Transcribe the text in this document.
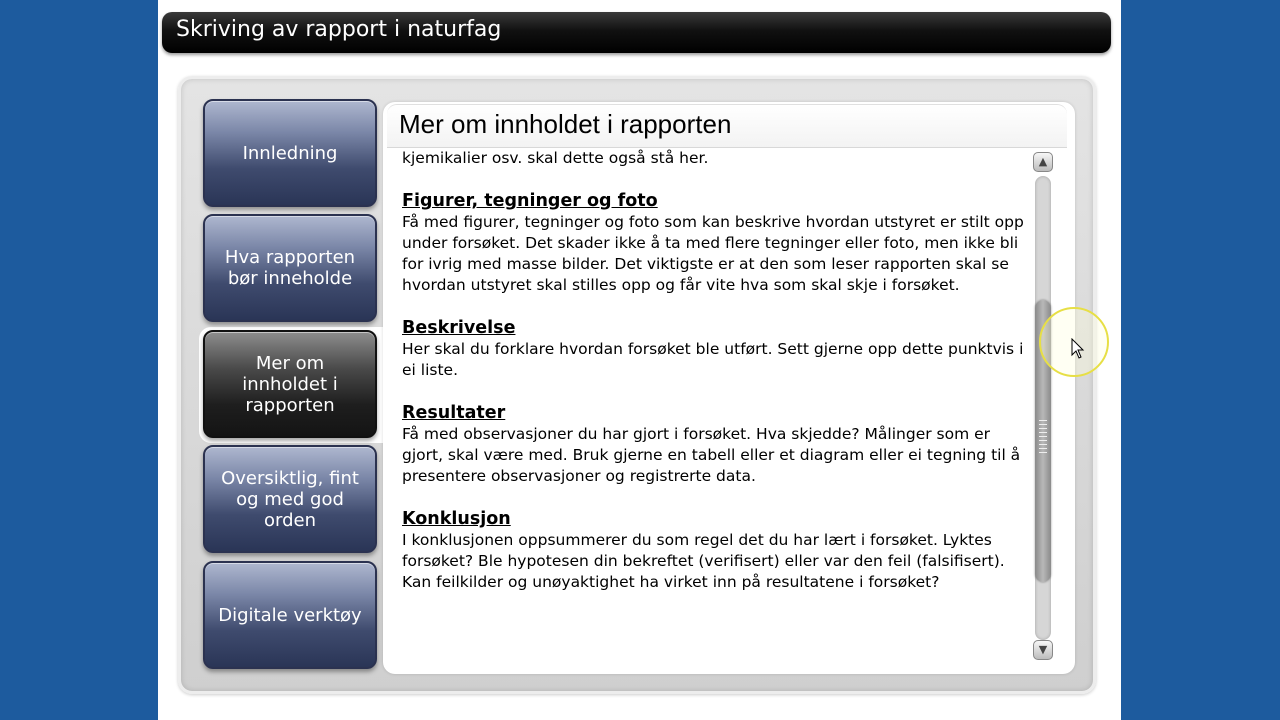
Skriving av rapport i naturfag
Innledning
Hva rapporten bør inneholde
Mer om innholdet i rapporten
Oversiktlig, fint og med god orden
Digitale verktøy
Mer om innholdet i rapporten

kjemikalier osv. skal dette også stå her.

Figurer, tegninger og foto

Få med figurer, tegninger og foto som kan beskrive hvordan utstyret er stilt opp under forsøket. Det skader ikke å ta med flere tegninger eller foto, men ikke bli for ivrig med masse bilder. Det viktigste er at den som leser rapporten skal se hvordan utstyret skal stilles opp og får vite hva som skal skje i forsøket.

Beskrivelse

Her skal du forklare hvordan forsøket ble utført. Sett gjerne opp dette punktvis i ei liste.

Resultater

Få med observasjoner du har gjort i forsøket. Hva skjedde? Målinger som er gjort, skal være med. Bruk gjerne en tabell eller et diagram eller ei tegning til å presentere observasjoner og registrerte data.

Konklusjon

I konklusjonen oppsummerer du som regel det du har lært i forsøket. Lyktes forsøket? Ble hypotesen din bekreftet (verifisert) eller var den feil (falsifisert). Kan feilkilder og unøyaktighet ha virket inn på resultatene i forsøket?

▲
▼
